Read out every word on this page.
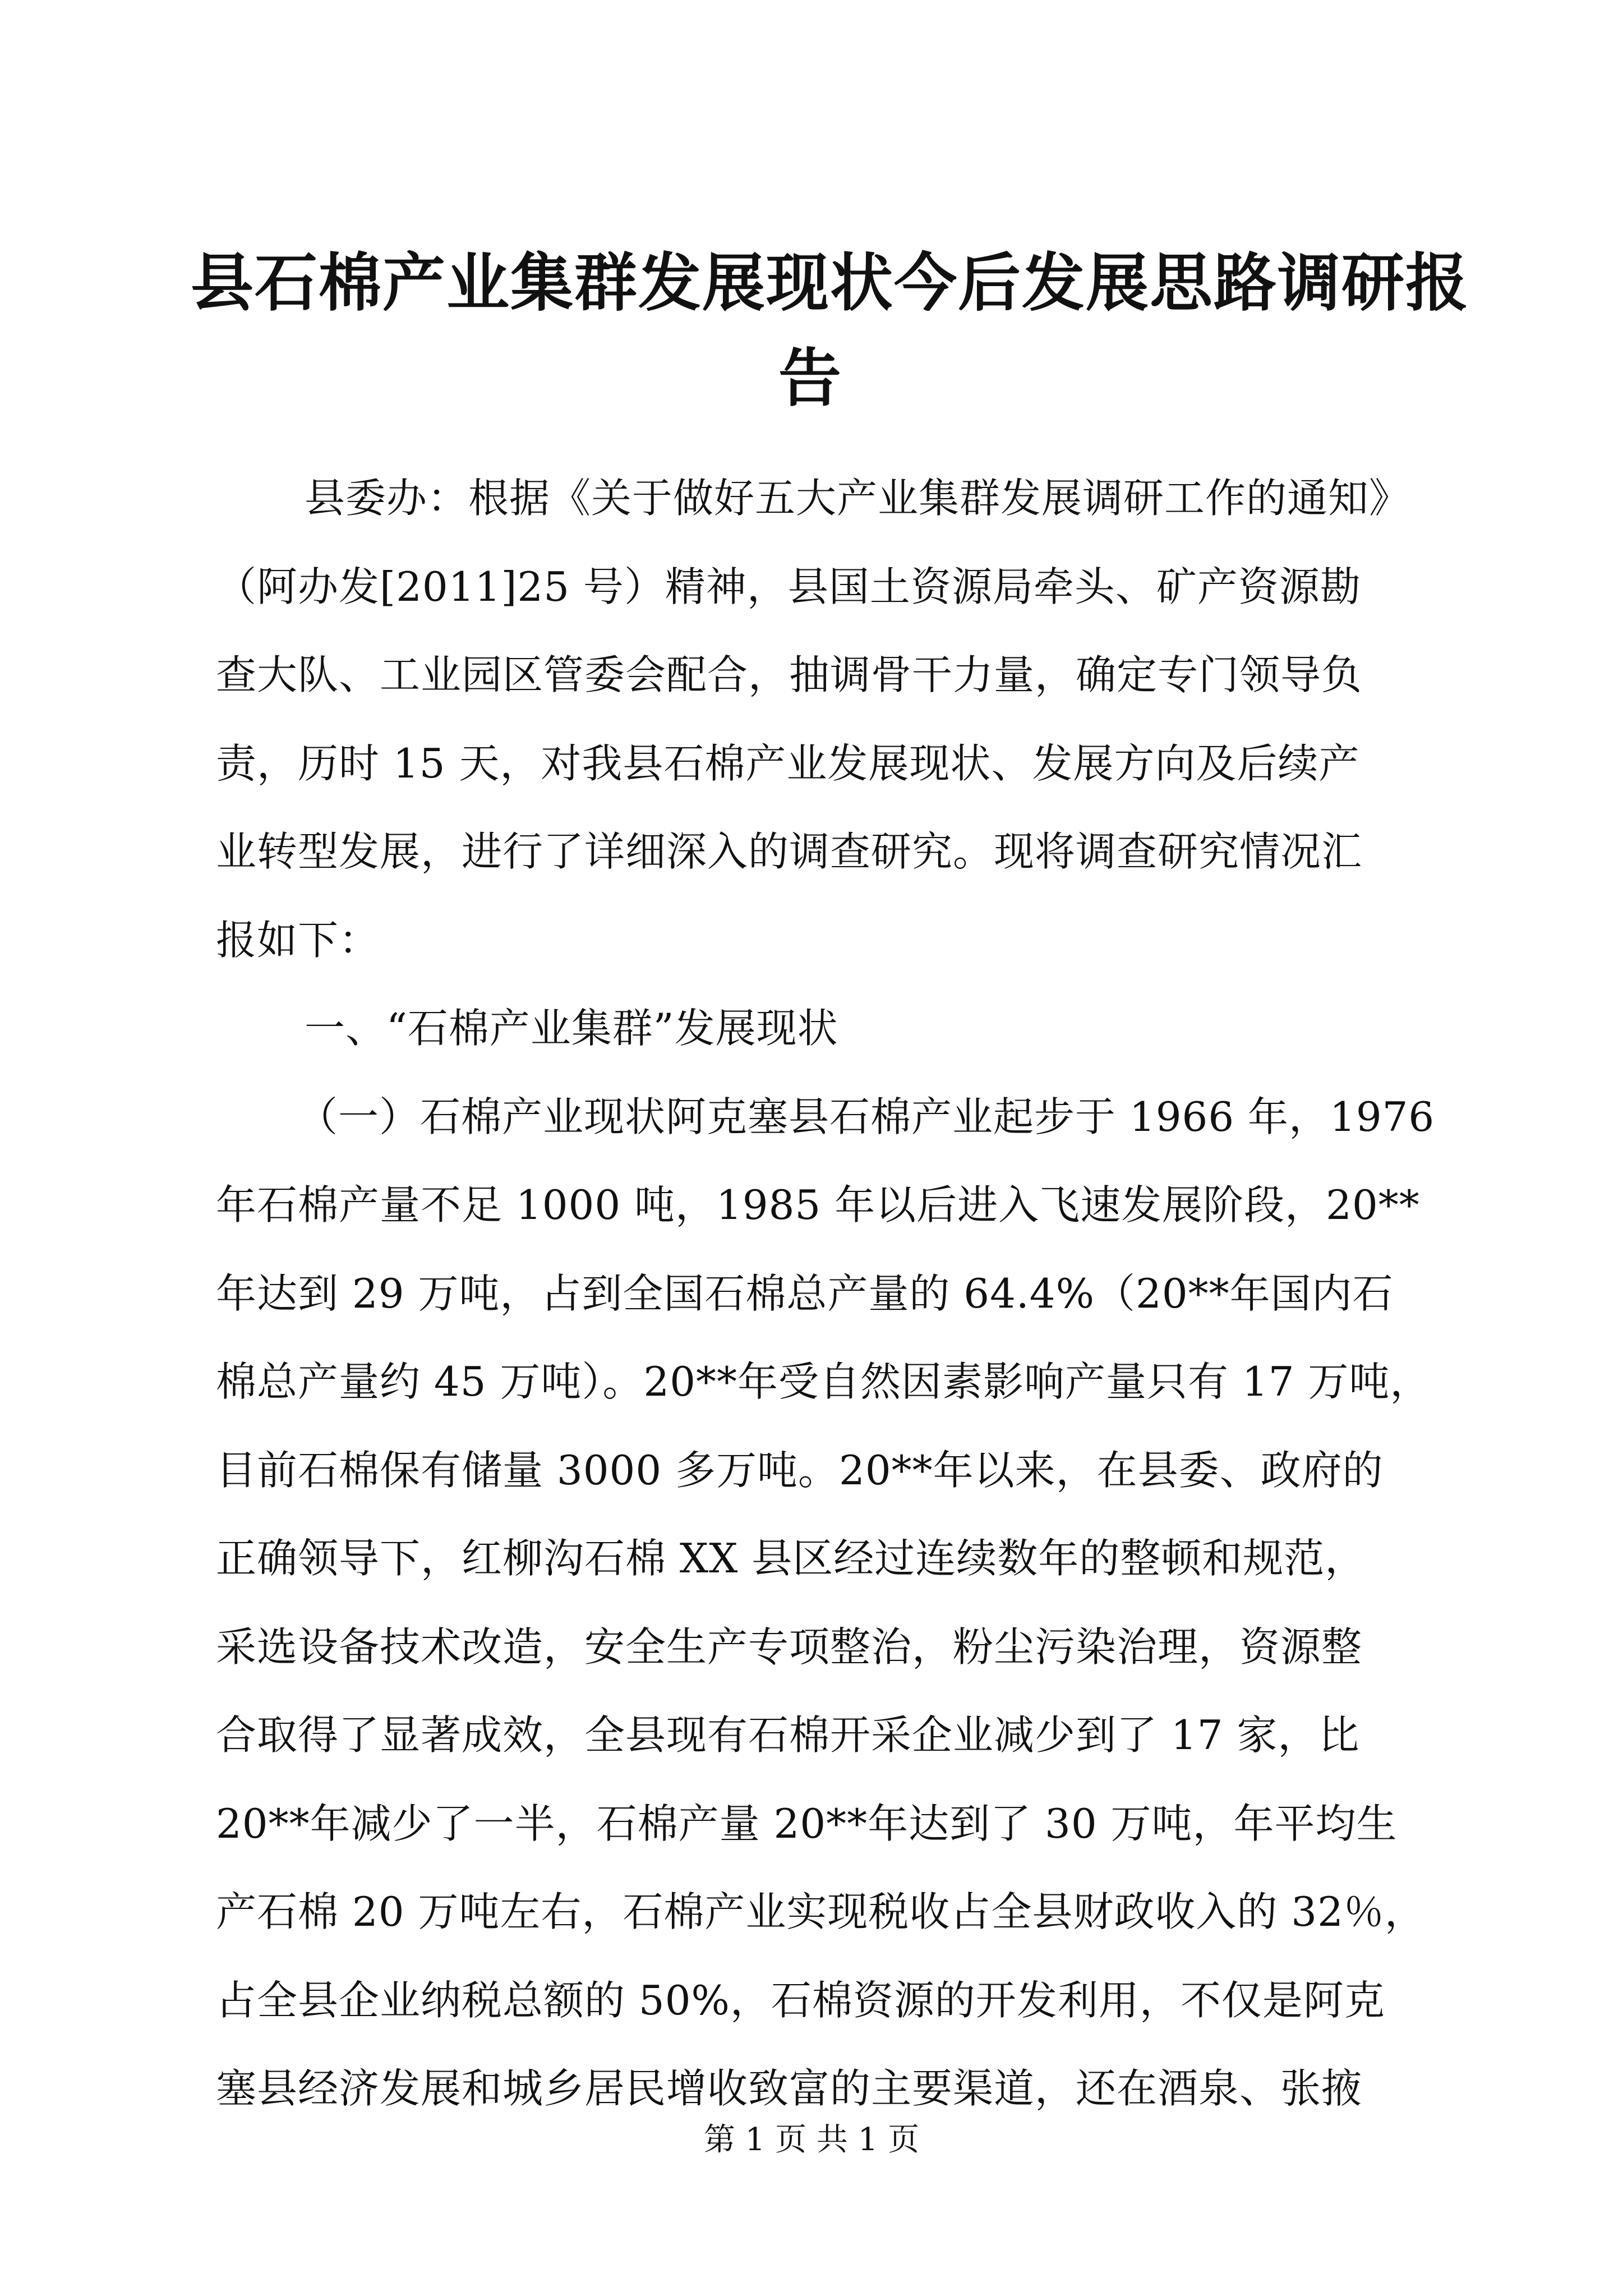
县石棉产业集群发展现状今后发展思路调研报
告
县委办：根据《关于做好五大产业集群发展调研工作的通知》
（阿办发[2011]25 号）精神，县国土资源局牵头、矿产资源勘
查大队、工业园区管委会配合，抽调骨干力量，确定专门领导负
责，历时 15 天，对我县石棉产业发展现状、发展方向及后续产
业转型发展，进行了详细深入的调查研究。现将调查研究情况汇
报如下：
一、“石棉产业集群”发展现状
（一）石棉产业现状阿克塞县石棉产业起步于 1966 年，1976
年石棉产量不足 1000 吨，1985 年以后进入飞速发展阶段，20**
年达到 29 万吨，占到全国石棉总产量的 64.4%（20**年国内石
棉总产量约 45 万吨）。20**年受自然因素影响产量只有 17 万吨，
目前石棉保有储量 3000 多万吨。20**年以来，在县委、政府的
正确领导下，红柳沟石棉 XX 县区经过连续数年的整顿和规范，
采选设备技术改造，安全生产专项整治，粉尘污染治理，资源整
合取得了显著成效，全县现有石棉开采企业减少到了 17 家，比
20**年减少了一半，石棉产量 20**年达到了 30 万吨，年平均生
产石棉 20 万吨左右，石棉产业实现税收占全县财政收入的 32％，
占全县企业纳税总额的 50%，石棉资源的开发利用，不仅是阿克
塞县经济发展和城乡居民增收致富的主要渠道，还在酒泉、张掖
第 1 页 共 1 页
